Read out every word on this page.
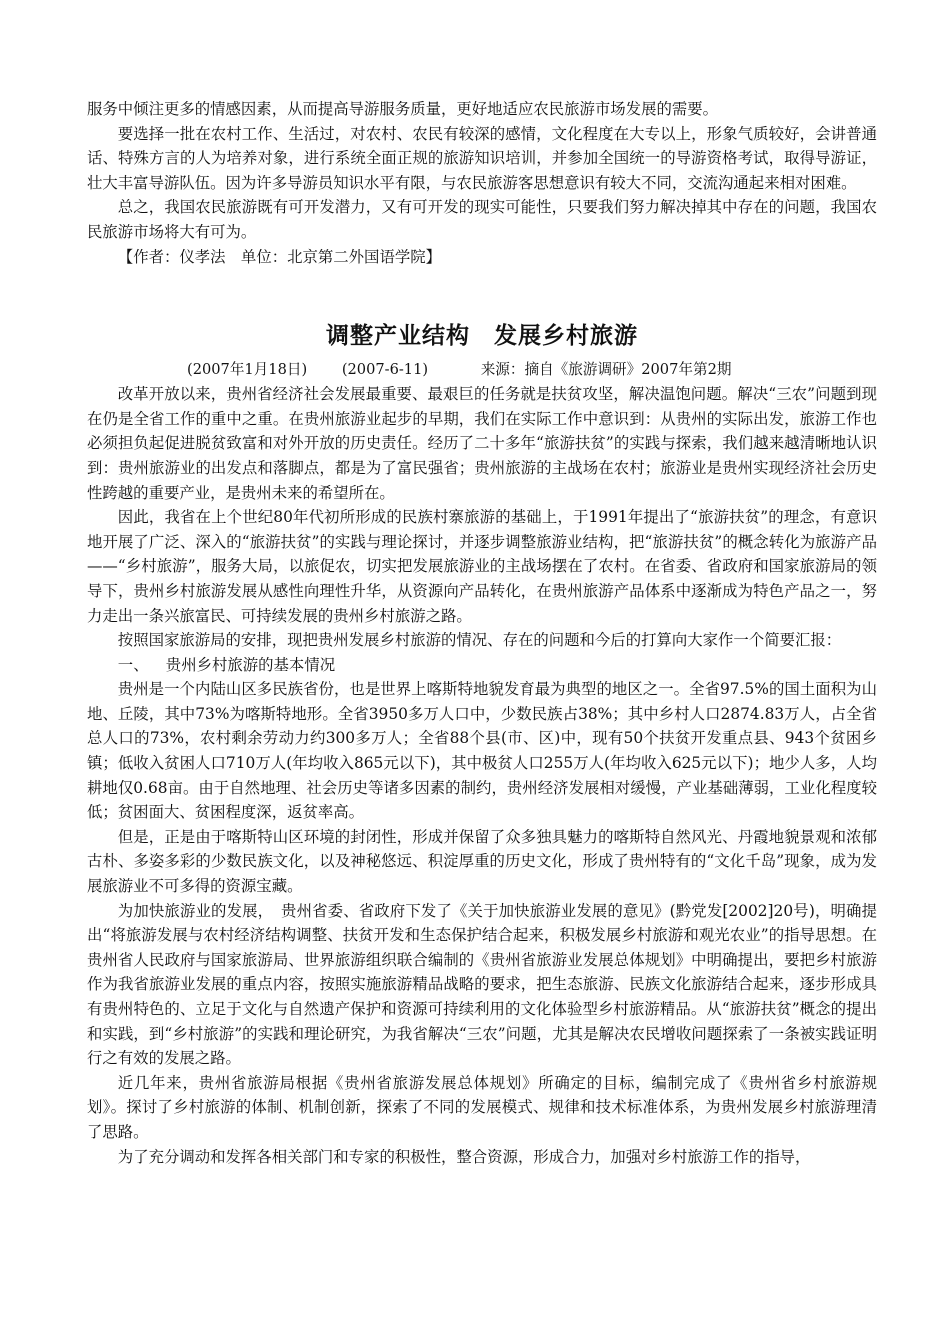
服务中倾注更多的情感因素，从而提高导游服务质量，更好地适应农民旅游市场发展的需要。

要选择一批在农村工作、生活过，对农村、农民有较深的感情，文化程度在大专以上，形象气质较好，会讲普通话、特殊方言的人为培养对象，进行系统全面正规的旅游知识培训，并参加全国统一的导游资格考试，取得导游证，壮大丰富导游队伍。因为许多导游员知识水平有限，与农民旅游客思想意识有较大不同，交流沟通起来相对困难。

总之，我国农民旅游既有可开发潜力，又有可开发的现实可能性，只要我们努力解决掉其中存在的问题，我国农民旅游市场将大有可为。

【作者：仪孝法　单位：北京第二外国语学院】

调整产业结构　发展乡村旅游

(2007年1月18日) (2007-6-11)	来源：摘自《旅游调研》2007年第2期

改革开放以来，贵州省经济社会发展最重要、最艰巨的任务就是扶贫攻坚，解决温饱问题。解决“三农”问题到现在仍是全省工作的重中之重。在贵州旅游业起步的早期，我们在实际工作中意识到：从贵州的实际出发，旅游工作也必须担负起促进脱贫致富和对外开放的历史责任。经历了二十多年“旅游扶贫”的实践与探索，我们越来越清晰地认识到：贵州旅游业的出发点和落脚点，都是为了富民强省；贵州旅游的主战场在农村；旅游业是贵州实现经济社会历史性跨越的重要产业，是贵州未来的希望所在。

因此，我省在上个世纪80年代初所形成的民族村寨旅游的基础上，于1991年提出了“旅游扶贫”的理念，有意识地开展了广泛、深入的“旅游扶贫”的实践与理论探讨，并逐步调整旅游业结构，把“旅游扶贫”的概念转化为旅游产品——“乡村旅游”，服务大局，以旅促农，切实把发展旅游业的主战场摆在了农村。在省委、省政府和国家旅游局的领导下，贵州乡村旅游发展从感性向理性升华，从资源向产品转化，在贵州旅游产品体系中逐渐成为特色产品之一，努力走出一条兴旅富民、可持续发展的贵州乡村旅游之路。

按照国家旅游局的安排，现把贵州发展乡村旅游的情况、存在的问题和今后的打算向大家作一个简要汇报：

一、 贵州乡村旅游的基本情况

贵州是一个内陆山区多民族省份，也是世界上喀斯特地貌发育最为典型的地区之一。全省97.5%的国土面积为山地、丘陵，其中73%为喀斯特地形。全省3950多万人口中，少数民族占38%；其中乡村人口2874.83万人，占全省总人口的73%，农村剩余劳动力约300多万人；全省88个县(市、区)中，现有50个扶贫开发重点县、943个贫困乡镇；低收入贫困人口710万人(年均收入865元以下)，其中极贫人口255万人(年均收入625元以下)；地少人多，人均耕地仅0.68亩。由于自然地理、社会历史等诸多因素的制约，贵州经济发展相对缓慢，产业基础薄弱，工业化程度较低；贫困面大、贫困程度深，返贫率高。

但是，正是由于喀斯特山区环境的封闭性，形成并保留了众多独具魅力的喀斯特自然风光、丹霞地貌景观和浓郁古朴、多姿多彩的少数民族文化，以及神秘悠远、积淀厚重的历史文化，形成了贵州特有的“文化千岛”现象，成为发展旅游业不可多得的资源宝藏。

为加快旅游业的发展，　贵州省委、省政府下发了《关于加快旅游业发展的意见》(黔党发[2002]20号)，明确提出“将旅游发展与农村经济结构调整、扶贫开发和生态保护结合起来，积极发展乡村旅游和观光农业”的指导思想。在贵州省人民政府与国家旅游局、世界旅游组织联合编制的《贵州省旅游业发展总体规划》中明确提出，要把乡村旅游作为我省旅游业发展的重点内容，按照实施旅游精品战略的要求，把生态旅游、民族文化旅游结合起来，逐步形成具有贵州特色的、立足于文化与自然遗产保护和资源可持续利用的文化体验型乡村旅游精品。从“旅游扶贫”概念的提出和实践，到“乡村旅游”的实践和理论研究，为我省解决“三农”问题，尤其是解决农民增收问题探索了一条被实践证明行之有效的发展之路。

近几年来，贵州省旅游局根据《贵州省旅游发展总体规划》所确定的目标，编制完成了《贵州省乡村旅游规划》。探讨了乡村旅游的体制、机制创新，探索了不同的发展模式、规律和技术标准体系，为贵州发展乡村旅游理清了思路。

为了充分调动和发挥各相关部门和专家的积极性，整合资源，形成合力，加强对乡村旅游工作的指导，
